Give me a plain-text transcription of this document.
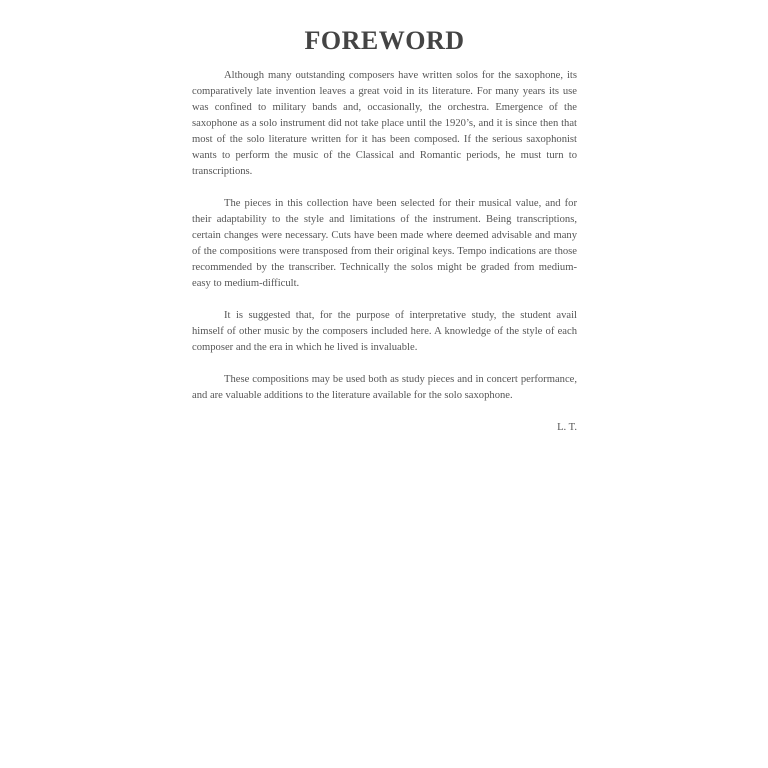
FOREWORD

Although many outstanding composers have written solos for the saxophone, its comparatively late invention leaves a great void in its literature. For many years its use was confined to military bands and, occasionally, the orchestra. Emergence of the saxophone as a solo instrument did not take place until the 1920’s, and it is since then that most of the solo literature written for it has been composed. If the serious saxophonist wants to perform the music of the Classical and Romantic periods, he must turn to transcriptions.

The pieces in this collection have been selected for their musical value, and for their adaptability to the style and limitations of the instrument. Being transcriptions, certain changes were necessary. Cuts have been made where deemed advisable and many of the compositions were transposed from their original keys. Tempo indications are those recommended by the transcriber. Technically the solos might be graded from medium-easy to medium-difficult.

It is suggested that, for the purpose of interpretative study, the student avail himself of other music by the composers included here. A knowledge of the style of each composer and the era in which he lived is invaluable.

These compositions may be used both as study pieces and in concert performance, and are valuable additions to the literature available for the solo saxophone.

L. T.
